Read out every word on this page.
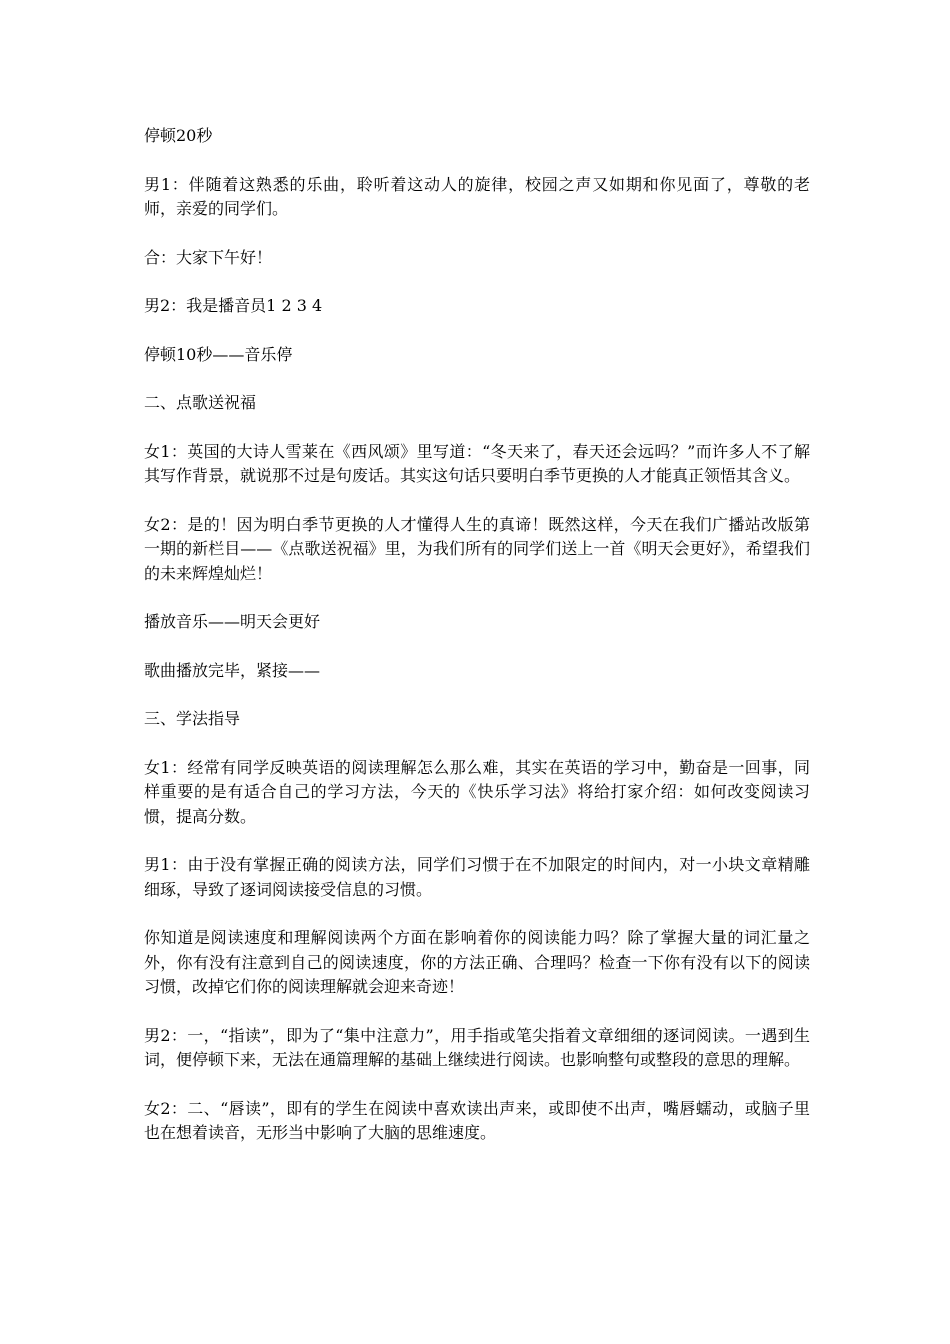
停顿20秒

男1：伴随着这熟悉的乐曲，聆听着这动人的旋律，校园之声又如期和你见面了，尊敬的老师，亲爱的同学们。

合：大家下午好！

男2：我是播音员1 2 3 4

停顿10秒——音乐停

二、点歌送祝福

女1：英国的大诗人雪莱在《西风颂》里写道：“冬天来了，春天还会远吗？”而许多人不了解其写作背景，就说那不过是句废话。其实这句话只要明白季节更换的人才能真正领悟其含义。

女2：是的！因为明白季节更换的人才懂得人生的真谛！既然这样，今天在我们广播站改版第一期的新栏目——《点歌送祝福》里，为我们所有的同学们送上一首《明天会更好》，希望我们的未来辉煌灿烂！

播放音乐——明天会更好

歌曲播放完毕，紧接——

三、学法指导

女1：经常有同学反映英语的阅读理解怎么那么难，其实在英语的学习中，勤奋是一回事，同样重要的是有适合自己的学习方法，今天的《快乐学习法》将给打家介绍：如何改变阅读习惯，提高分数。

男1：由于没有掌握正确的阅读方法，同学们习惯于在不加限定的时间内，对一小块文章精雕细琢，导致了逐词阅读接受信息的习惯。

你知道是阅读速度和理解阅读两个方面在影响着你的阅读能力吗？除了掌握大量的词汇量之外，你有没有注意到自己的阅读速度，你的方法正确、合理吗？检查一下你有没有以下的阅读习惯，改掉它们你的阅读理解就会迎来奇迹！

男2：一，“指读”，即为了“集中注意力”，用手指或笔尖指着文章细细的逐词阅读。一遇到生词，便停顿下来，无法在通篇理解的基础上继续进行阅读。也影响整句或整段的意思的理解。

女2：二、“唇读”，即有的学生在阅读中喜欢读出声来，或即使不出声，嘴唇蠕动，或脑子里也在想着读音，无形当中影响了大脑的思维速度。
